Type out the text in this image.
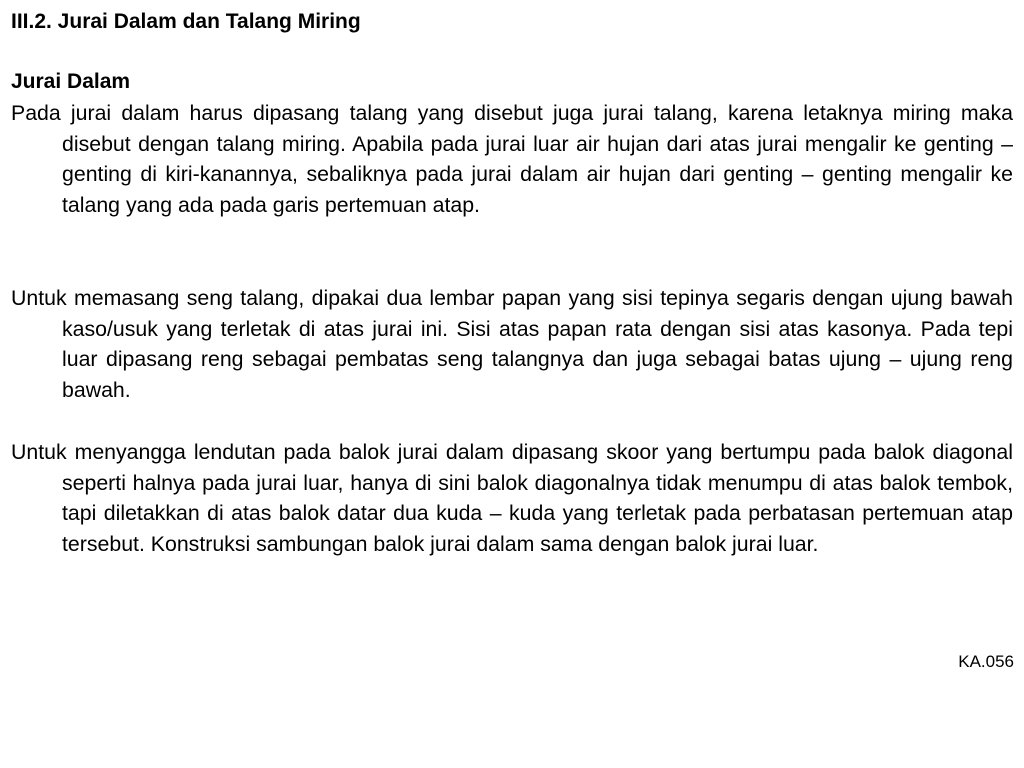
III.2. Jurai Dalam dan Talang Miring
Jurai Dalam

Pada jurai dalam harus dipasang talang yang disebut juga jurai talang, karena letaknya miring maka disebut dengan talang miring. Apabila pada jurai luar air hujan dari atas jurai mengalir ke genting – genting di kiri-kanannya, sebaliknya pada jurai dalam air hujan dari genting – genting mengalir ke talang yang ada pada garis pertemuan atap.

Untuk memasang seng talang, dipakai dua lembar papan yang sisi tepinya segaris dengan ujung bawah kaso/usuk yang terletak di atas jurai ini. Sisi atas papan rata dengan sisi atas kasonya. Pada tepi luar dipasang reng sebagai pembatas seng talangnya dan juga sebagai batas ujung – ujung reng bawah.

Untuk menyangga lendutan pada balok jurai dalam dipasang skoor yang bertumpu pada balok diagonal seperti halnya pada jurai luar, hanya di sini balok diagonalnya tidak menumpu di atas balok tembok, tapi diletakkan di atas balok datar dua kuda – kuda yang terletak pada perbatasan pertemuan atap tersebut. Konstruksi sambungan balok jurai dalam sama dengan balok jurai luar.

KA.056
